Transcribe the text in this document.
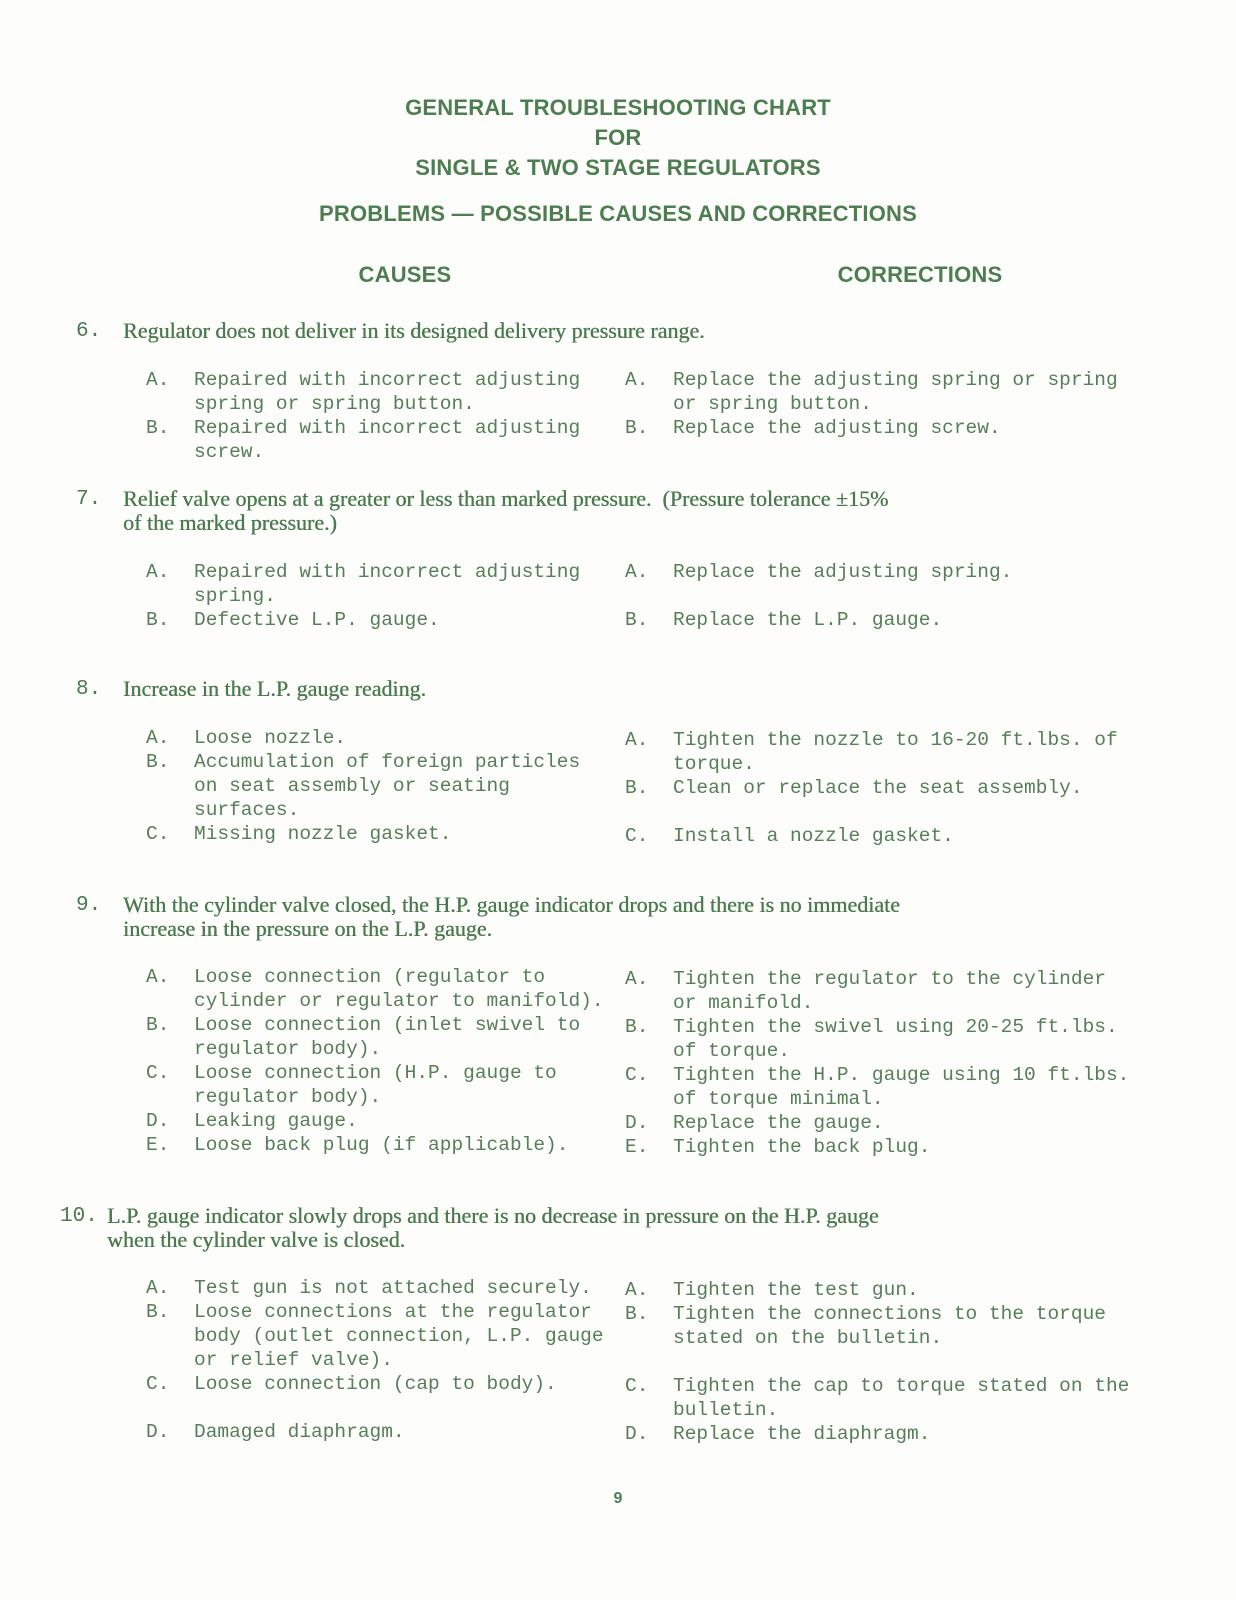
GENERAL TROUBLESHOOTING CHART
FOR
SINGLE & TWO STAGE REGULATORS
PROBLEMS — POSSIBLE CAUSES AND CORRECTIONS
CAUSES	CORRECTIONS
6. Regulator does not deliver in its designed delivery pressure range.
A. Repaired with incorrect adjusting
spring or spring button.
B. Repaired with incorrect adjusting
screw.
A. Replace the adjusting spring or spring
or spring button.
B. Replace the adjusting screw.
7. Relief valve opens at a greater or less than marked pressure.  (Pressure tolerance ±15%
of the marked pressure.)
A. Repaired with incorrect adjusting
spring.
B. Defective L.P. gauge.
A. Replace the adjusting spring.
B. Replace the L.P. gauge.
8. Increase in the L.P. gauge reading.
A. Loose nozzle.
B. Accumulation of foreign particles
on seat assembly or seating
surfaces.
C. Missing nozzle gasket.
A. Tighten the nozzle to 16-20 ft.lbs. of
torque.
B. Clean or replace the seat assembly.
C. Install a nozzle gasket.
9. With the cylinder valve closed, the H.P. gauge indicator drops and there is no immediate
increase in the pressure on the L.P. gauge.
A. Loose connection (regulator to
cylinder or regulator to manifold).
B. Loose connection (inlet swivel to
regulator body).
C. Loose connection (H.P. gauge to
regulator body).
D. Leaking gauge.
E. Loose back plug (if applicable).
A. Tighten the regulator to the cylinder
or manifold.
B. Tighten the swivel using 20-25 ft.lbs.
of torque.
C. Tighten the H.P. gauge using 10 ft.lbs.
of torque minimal.
D. Replace the gauge.
E. Tighten the back plug.
10. L.P. gauge indicator slowly drops and there is no decrease in pressure on the H.P. gauge
when the cylinder valve is closed.
A. Test gun is not attached securely.
B. Loose connections at the regulator
body (outlet connection, L.P. gauge
or relief valve).
C. Loose connection (cap to body).
D. Damaged diaphragm.
A. Tighten the test gun.
B. Tighten the connections to the torque
stated on the bulletin.
C. Tighten the cap to torque stated on the
bulletin.
D. Replace the diaphragm.
9
